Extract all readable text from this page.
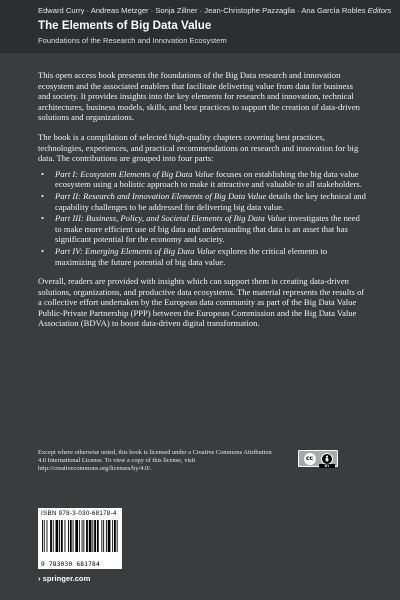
Edward Curry · Andreas Metzger · Sonja Zillner · Jean-Christophe Pazzaglia · Ana García Robles Editors
The Elements of Big Data Value
Foundations of the Research and Innovation Ecosystem

This open access book presents the foundations of the Big Data research and innovation ecosystem and the associated enablers that facilitate delivering value from data for business and society. It provides insights into the key elements for research and innovation, technical architectures, business models, skills, and best practices to support the creation of data-driven solutions and organizations.

The book is a compilation of selected high-quality chapters covering best practices, technologies, experiences, and practical recommendations on research and innovation for big data. The contributions are grouped into four parts:

• Part I: Ecosystem Elements of Big Data Value focuses on establishing the big data value ecosystem using a holistic approach to make it attractive and valuable to all stakeholders.
• Part II: Research and Innovation Elements of Big Data Value details the key technical and capability challenges to be addressed for delivering big data value.
• Part III: Business, Policy, and Societal Elements of Big Data Value investigates the need to make more efficient use of big data and understanding that data is an asset that has significant potential for the economy and society.
• Part IV: Emerging Elements of Big Data Value explores the critical elements to maximizing the future potential of big data value.

Overall, readers are provided with insights which can support them in creating data-driven solutions, organizations, and productive data ecosystems. The material represents the results of a collective effort undertaken by the European data community as part of the Big Data Value Public-Private Partnership (PPP) between the European Commission and the Big Data Value Association (BDVA) to boost data-driven digital transformation.

Except where otherwise noted, this book is licensed under a Creative Commons Attribution 4.0 International License. To view a copy of this license, visit http://creativecommons.org/licenses/by/4.0/.
cc
BY
ISBN 978-3-030-68178-4
9 783030 681784
› springer.com
